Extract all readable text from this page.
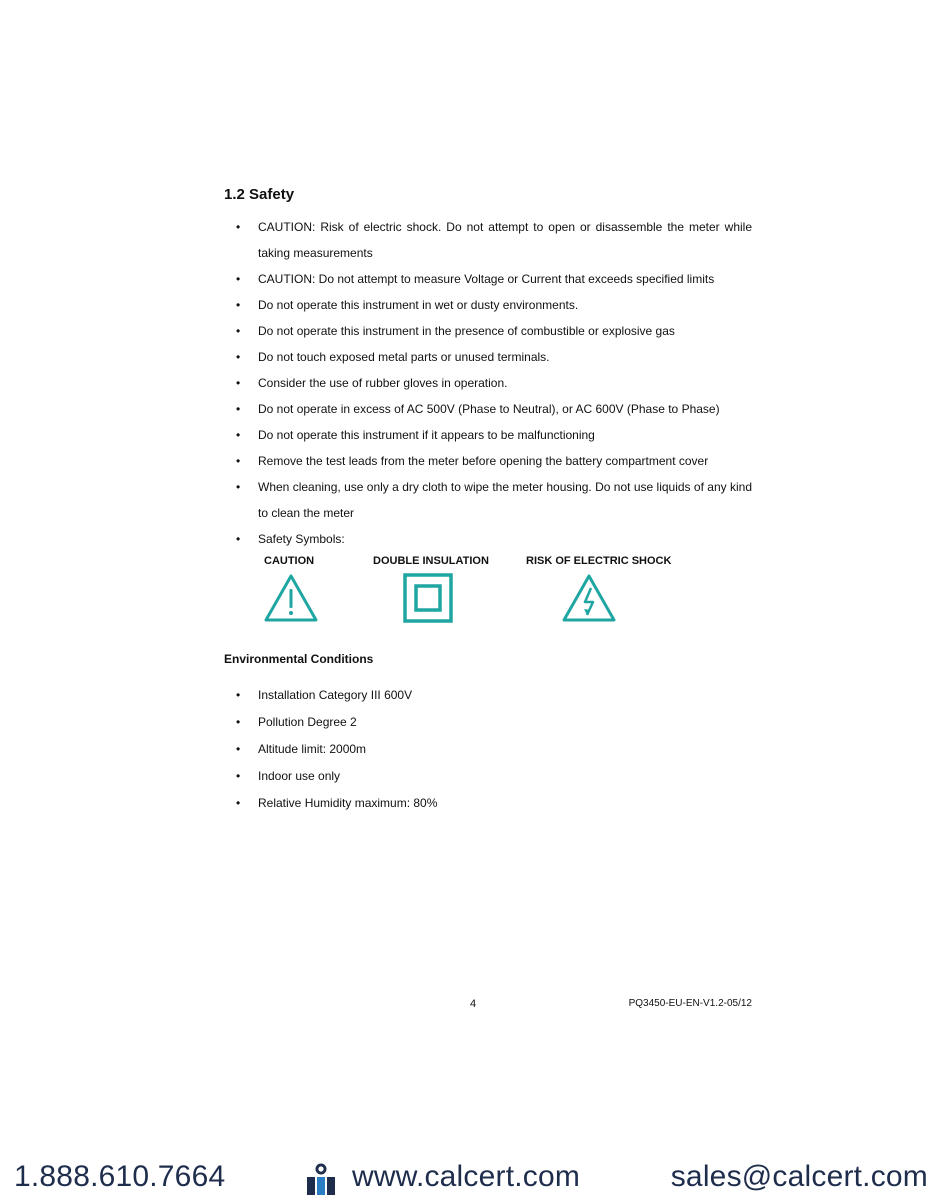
1.2 Safety
• CAUTION: Risk of electric shock. Do not attempt to open or disassemble the meter while taking measurements
• CAUTION: Do not attempt to measure Voltage or Current that exceeds specified limits
• Do not operate this instrument in wet or dusty environments.
• Do not operate this instrument in the presence of combustible or explosive gas
• Do not touch exposed metal parts or unused terminals.
• Consider the use of rubber gloves in operation.
• Do not operate in excess of AC 500V (Phase to Neutral), or AC 600V (Phase to Phase)
• Do not operate this instrument if it appears to be malfunctioning
• Remove the test leads from the meter before opening the battery compartment cover
• When cleaning, use only a dry cloth to wipe the meter housing. Do not use liquids of any kind to clean the meter
• Safety Symbols:
CAUTION	DOUBLE INSULATION	RISK OF ELECTRIC SHOCK
Environmental Conditions
• Installation Category III 600V
• Pollution Degree 2
• Altitude limit: 2000m
• Indoor use only
• Relative Humidity maximum: 80%
4	PQ3450-EU-EN-V1.2-05/12
1.888.610.7664	www.calcert.com	sales@calcert.com
